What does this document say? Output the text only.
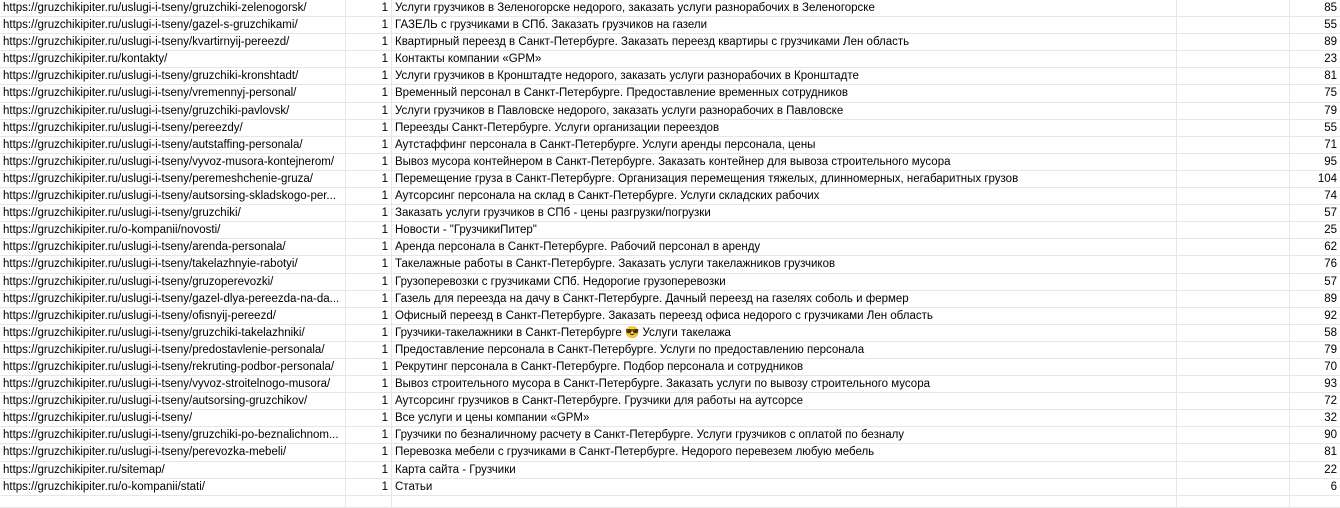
https://gruzchikipiter.ru/uslugi-i-tseny/gruzchiki-zelenogorsk/	1 Услуги грузчиков в Зеленогорске недорого, заказать услуги разнорабочих в Зеленогорске	85
https://gruzchikipiter.ru/uslugi-i-tseny/gazel-s-gruzchikami/	1 ГАЗЕЛЬ с грузчиками в СПб. Заказать грузчиков на газели	55
https://gruzchikipiter.ru/uslugi-i-tseny/kvartirnyij-pereezd/	1 Квартирный переезд в Санкт-Петербурге. Заказать переезд квартиры с грузчиками Лен область	89
https://gruzchikipiter.ru/kontakty/	1 Контакты компании «GPM»	23
https://gruzchikipiter.ru/uslugi-i-tseny/gruzchiki-kronshtadt/	1 Услуги грузчиков в Кронштадте недорого, заказать услуги разнорабочих в Кронштадте	81
https://gruzchikipiter.ru/uslugi-i-tseny/vremennyj-personal/	1 Временный персонал в Санкт-Петербурге. Предоставление временных сотрудников	75
https://gruzchikipiter.ru/uslugi-i-tseny/gruzchiki-pavlovsk/	1 Услуги грузчиков в Павловске недорого, заказать услуги разнорабочих в Павловске	79
https://gruzchikipiter.ru/uslugi-i-tseny/pereezdy/	1 Переезды Санкт-Петербурге. Услуги организации переездов	55
https://gruzchikipiter.ru/uslugi-i-tseny/autstaffing-personala/	1 Аутстаффинг персонала в Санкт-Петербурге. Услуги аренды персонала, цены	71
https://gruzchikipiter.ru/uslugi-i-tseny/vyvoz-musora-kontejnerom/	1 Вывоз мусора контейнером в Санкт-Петербурге. Заказать контейнер для вывоза строительного мусора	95
https://gruzchikipiter.ru/uslugi-i-tseny/peremeshchenie-gruza/	1 Перемещение груза в Санкт-Петербурге. Организация перемещения тяжелых, длинномерных, негабаритных грузов	104
https://gruzchikipiter.ru/uslugi-i-tseny/autsorsing-skladskogo-per...	1 Аутсорсинг персонала на склад в Санкт-Петербурге. Услуги складских рабочих	74
https://gruzchikipiter.ru/uslugi-i-tseny/gruzchiki/	1 Заказать услуги грузчиков в СПб - цены разгрузки/погрузки	57
https://gruzchikipiter.ru/o-kompanii/novosti/	1 Новости - "ГрузчикиПитер"	25
https://gruzchikipiter.ru/uslugi-i-tseny/arenda-personala/	1 Аренда персонала в Санкт-Петербурге. Рабочий персонал в аренду	62
https://gruzchikipiter.ru/uslugi-i-tseny/takelazhnyie-rabotyi/	1 Такелажные работы в Санкт-Петербурге. Заказать услуги такелажников грузчиков	76
https://gruzchikipiter.ru/uslugi-i-tseny/gruzoperevozki/	1 Грузоперевозки с грузчиками СПб. Недорогие грузоперевозки	57
https://gruzchikipiter.ru/uslugi-i-tseny/gazel-dlya-pereezda-na-da...	1 Газель для переезда на дачу в Санкт-Петербурге. Дачный переезд на газелях соболь и фермер	89
https://gruzchikipiter.ru/uslugi-i-tseny/ofisnyij-pereezd/	1 Офисный переезд в Санкт-Петербурге. Заказать переезд офиса недорого с грузчиками Лен область	92
https://gruzchikipiter.ru/uslugi-i-tseny/gruzchiki-takelazhniki/	1 Грузчики-такелажники в Санкт-Петербурге 😎 Услуги такелажа	58
https://gruzchikipiter.ru/uslugi-i-tseny/predostavlenie-personala/	1 Предоставление персонала в Санкт-Петербурге. Услуги по предоставлению персонала	79
https://gruzchikipiter.ru/uslugi-i-tseny/rekruting-podbor-personala/	1 Рекрутинг персонала в Санкт-Петербурге. Подбор персонала и сотрудников	70
https://gruzchikipiter.ru/uslugi-i-tseny/vyvoz-stroitelnogo-musora/	1 Вывоз строительного мусора в Санкт-Петербурге. Заказать услуги по вывозу строительного мусора	93
https://gruzchikipiter.ru/uslugi-i-tseny/autsorsing-gruzchikov/	1 Аутсорсинг грузчиков в Санкт-Петербурге. Грузчики для работы на аутсорсе	72
https://gruzchikipiter.ru/uslugi-i-tseny/	1 Все услуги и цены компании «GPM»	32
https://gruzchikipiter.ru/uslugi-i-tseny/gruzchiki-po-beznalichnom...	1 Грузчики по безналичному расчету в Санкт-Петербурге. Услуги грузчиков с оплатой по безналу	90
https://gruzchikipiter.ru/uslugi-i-tseny/perevozka-mebeli/	1 Перевозка мебели с грузчиками в Санкт-Петербурге. Недорого перевезем любую мебель	81
https://gruzchikipiter.ru/sitemap/	1 Карта сайта - Грузчики	22
https://gruzchikipiter.ru/o-kompanii/stati/	1 Статьи	6
